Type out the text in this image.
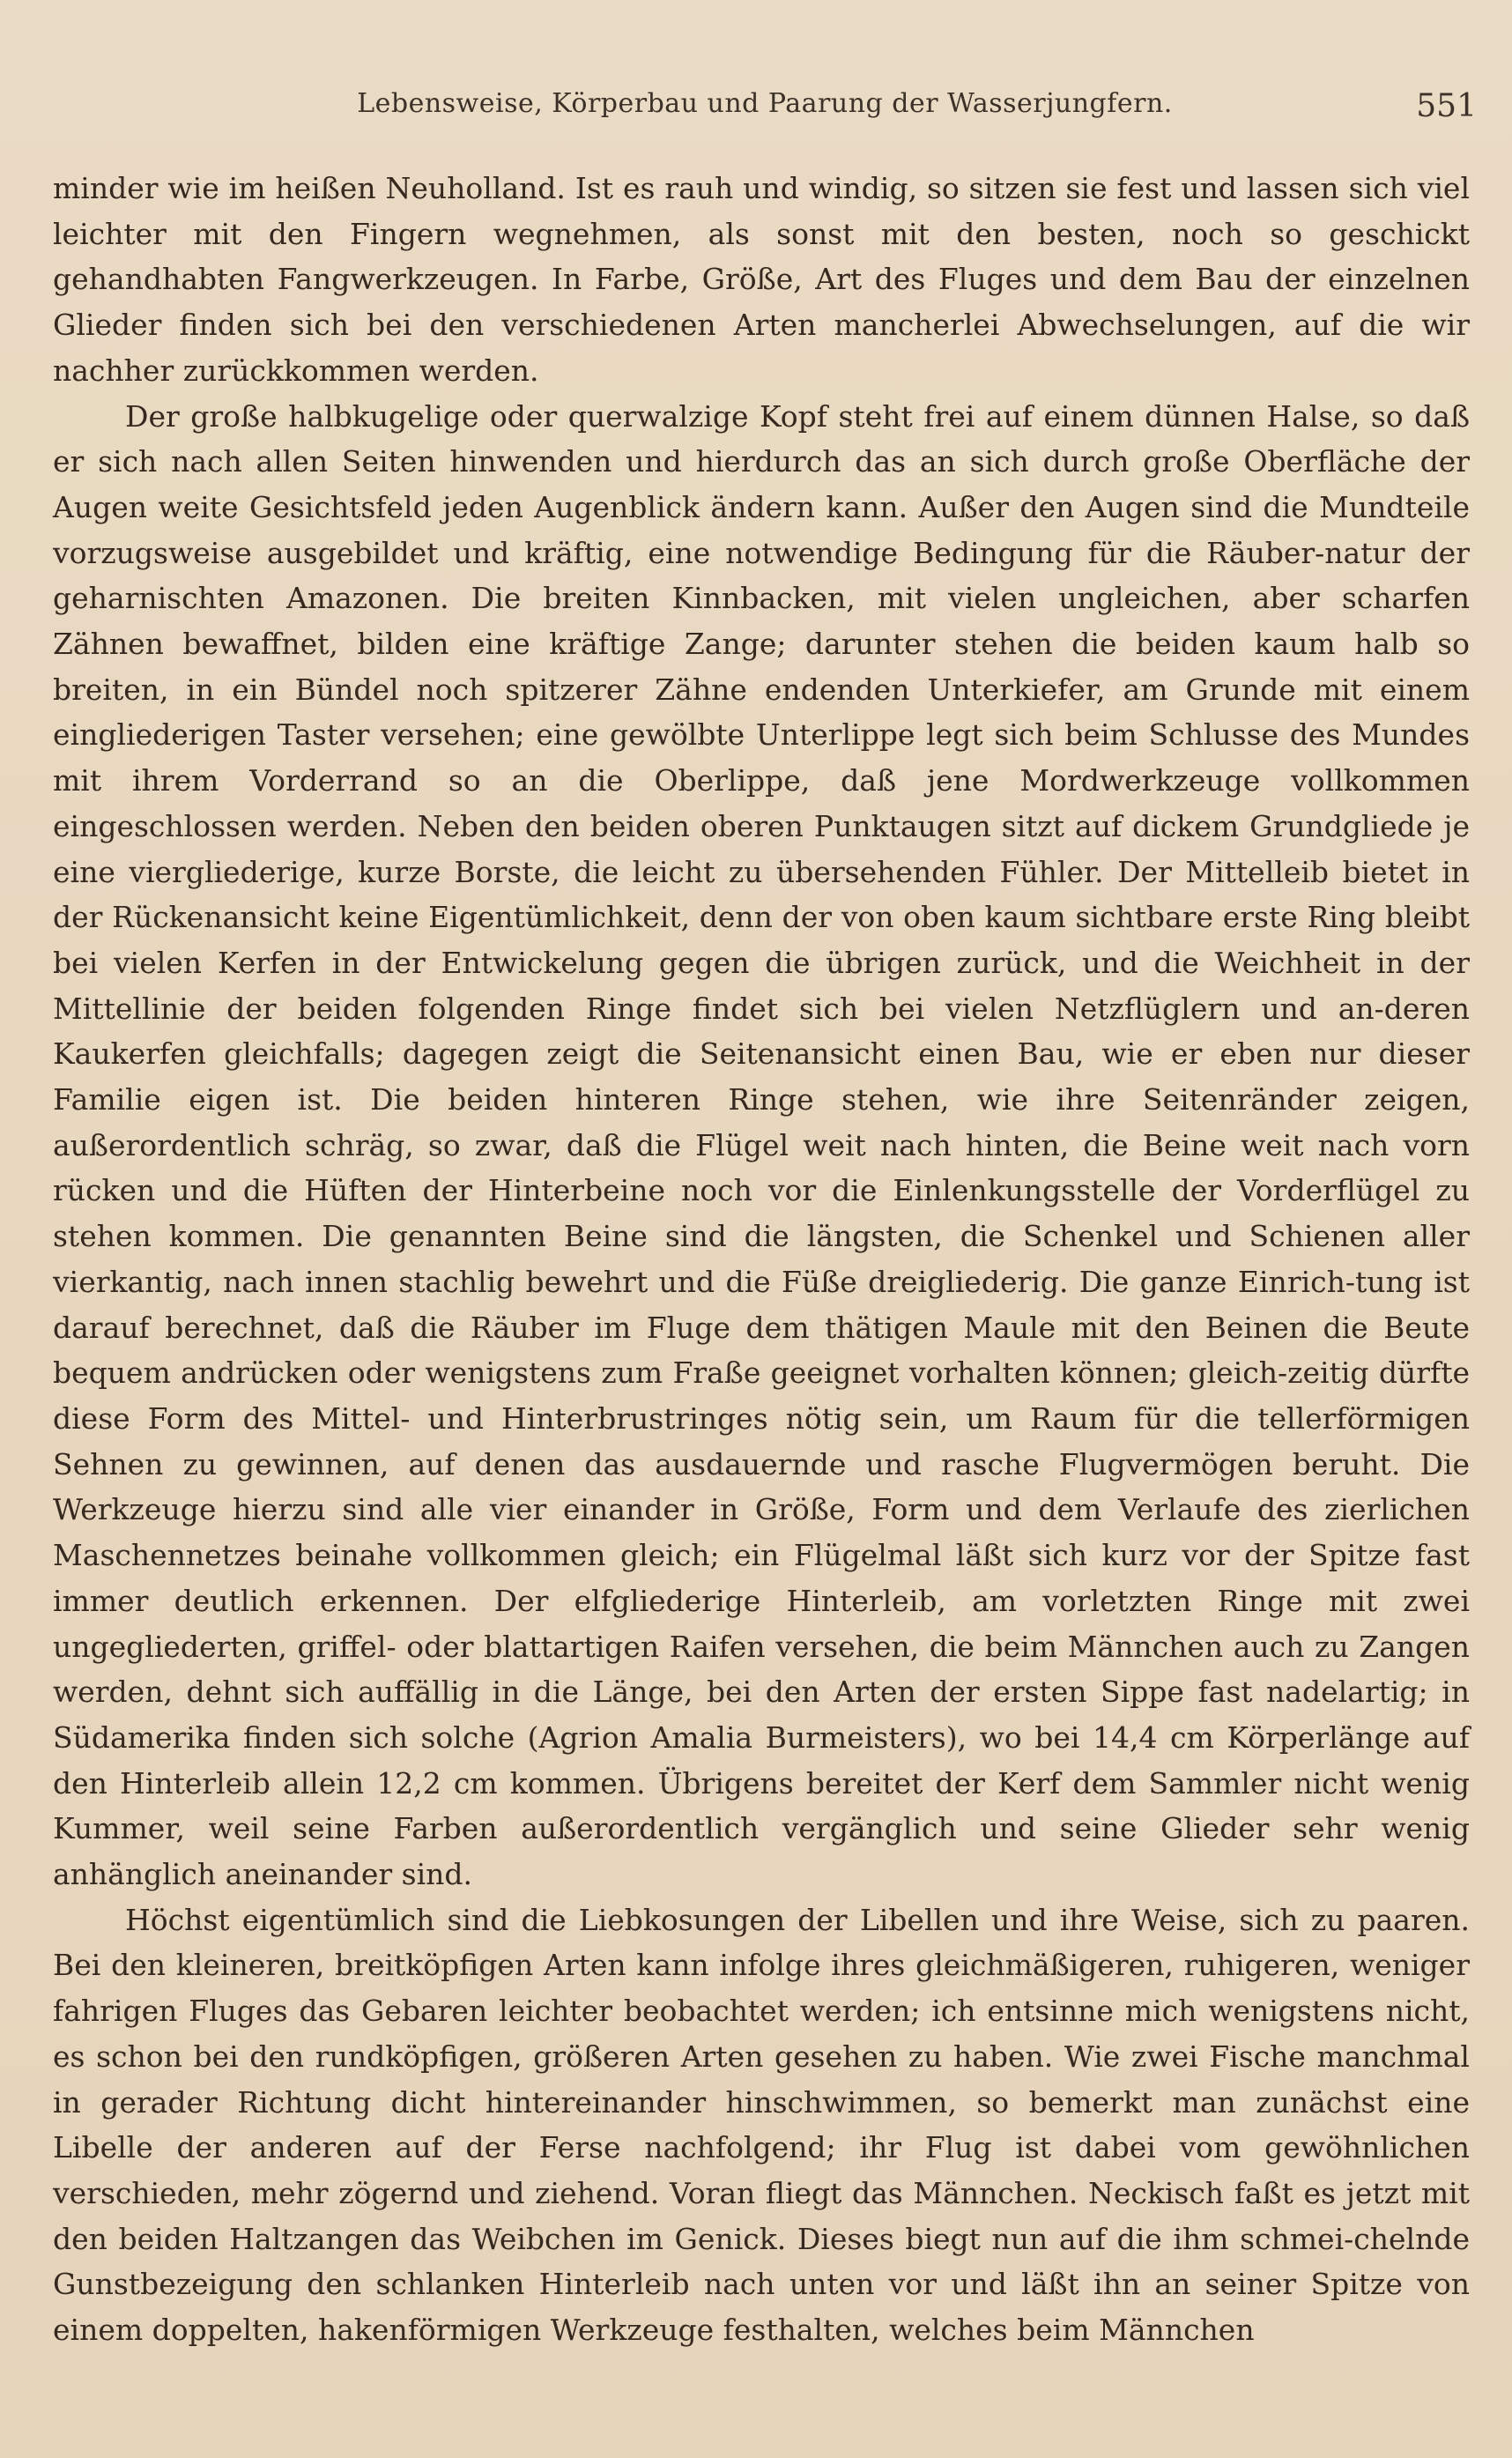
Lebensweise, Körperbau und Paarung der Wasserjungfern.	551

minder wie im heißen Neuholland. Ist es rauh und windig, so sitzen sie fest und lassen sich viel leichter mit den Fingern wegnehmen, als sonst mit den besten, noch so geschickt gehandhabten Fangwerkzeugen. In Farbe, Größe, Art des Fluges und dem Bau der einzelnen Glieder finden sich bei den verschiedenen Arten mancherlei Abwechselungen, auf die wir nachher zurückkommen werden.

Der große halbkugelige oder querwalzige Kopf steht frei auf einem dünnen Halse, so daß er sich nach allen Seiten hinwenden und hierdurch das an sich durch große Oberfläche der Augen weite Gesichtsfeld jeden Augenblick ändern kann. Außer den Augen sind die Mundteile vorzugsweise ausgebildet und kräftig, eine notwendige Bedingung für die Räuber-natur der geharnischten Amazonen. Die breiten Kinnbacken, mit vielen ungleichen, aber scharfen Zähnen bewaffnet, bilden eine kräftige Zange; darunter stehen die beiden kaum halb so breiten, in ein Bündel noch spitzerer Zähne endenden Unterkiefer, am Grunde mit einem eingliederigen Taster versehen; eine gewölbte Unterlippe legt sich beim Schlusse des Mundes mit ihrem Vorderrand so an die Oberlippe, daß jene Mordwerkzeuge vollkommen eingeschlossen werden. Neben den beiden oberen Punktaugen sitzt auf dickem Grundgliede je eine viergliederige, kurze Borste, die leicht zu übersehenden Fühler. Der Mittelleib bietet in der Rückenansicht keine Eigentümlichkeit, denn der von oben kaum sichtbare erste Ring bleibt bei vielen Kerfen in der Entwickelung gegen die übrigen zurück, und die Weichheit in der Mittellinie der beiden folgenden Ringe findet sich bei vielen Netzflüglern und an-deren Kaukerfen gleichfalls; dagegen zeigt die Seitenansicht einen Bau, wie er eben nur dieser Familie eigen ist. Die beiden hinteren Ringe stehen, wie ihre Seitenränder zeigen, außerordentlich schräg, so zwar, daß die Flügel weit nach hinten, die Beine weit nach vorn rücken und die Hüften der Hinterbeine noch vor die Einlenkungsstelle der Vorderflügel zu stehen kommen. Die genannten Beine sind die längsten, die Schenkel und Schienen aller vierkantig, nach innen stachlig bewehrt und die Füße dreigliederig. Die ganze Einrich-tung ist darauf berechnet, daß die Räuber im Fluge dem thätigen Maule mit den Beinen die Beute bequem andrücken oder wenigstens zum Fraße geeignet vorhalten können; gleich-zeitig dürfte diese Form des Mittel- und Hinterbrustringes nötig sein, um Raum für die tellerförmigen Sehnen zu gewinnen, auf denen das ausdauernde und rasche Flugvermögen beruht. Die Werkzeuge hierzu sind alle vier einander in Größe, Form und dem Verlaufe des zierlichen Maschennetzes beinahe vollkommen gleich; ein Flügelmal läßt sich kurz vor der Spitze fast immer deutlich erkennen. Der elfgliederige Hinterleib, am vorletzten Ringe mit zwei ungegliederten, griffel- oder blattartigen Raifen versehen, die beim Männchen auch zu Zangen werden, dehnt sich auffällig in die Länge, bei den Arten der ersten Sippe fast nadelartig; in Südamerika finden sich solche (Agrion Amalia Burmeisters), wo bei 14,4 cm Körperlänge auf den Hinterleib allein 12,2 cm kommen. Übrigens bereitet der Kerf dem Sammler nicht wenig Kummer, weil seine Farben außerordentlich vergänglich und seine Glieder sehr wenig anhänglich aneinander sind.

Höchst eigentümlich sind die Liebkosungen der Libellen und ihre Weise, sich zu paaren. Bei den kleineren, breitköpfigen Arten kann infolge ihres gleichmäßigeren, ruhigeren, weniger fahrigen Fluges das Gebaren leichter beobachtet werden; ich entsinne mich wenigstens nicht, es schon bei den rundköpfigen, größeren Arten gesehen zu haben. Wie zwei Fische manchmal in gerader Richtung dicht hintereinander hinschwimmen, so bemerkt man zunächst eine Libelle der anderen auf der Ferse nachfolgend; ihr Flug ist dabei vom gewöhnlichen verschieden, mehr zögernd und ziehend. Voran fliegt das Männchen. Neckisch faßt es jetzt mit den beiden Haltzangen das Weibchen im Genick. Dieses biegt nun auf die ihm schmei-chelnde Gunstbezeigung den schlanken Hinterleib nach unten vor und läßt ihn an seiner Spitze von einem doppelten, hakenförmigen Werkzeuge festhalten, welches beim Männchen
